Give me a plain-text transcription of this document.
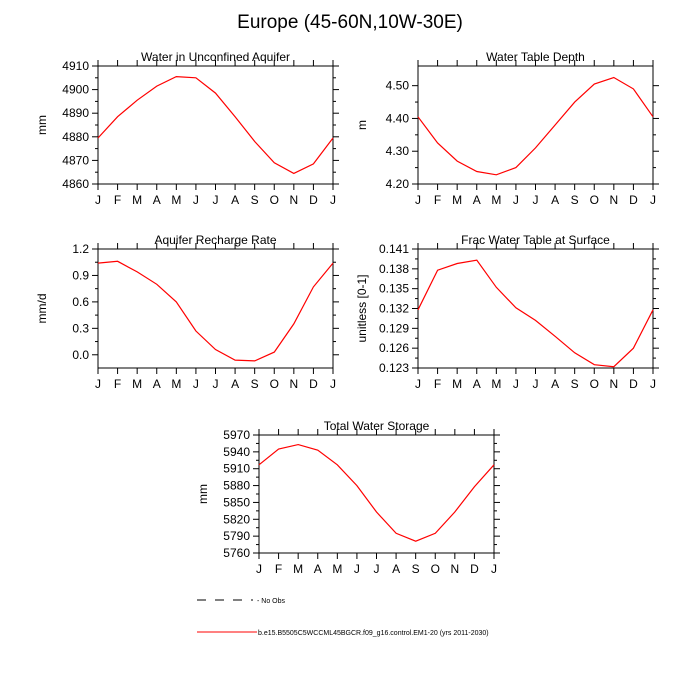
Europe (45-60N,10W-30E)
Water in Unconfined Aquifer
mm
4860
4870
4880
4890
4900
4910
J F M A M J J A S O N D J
Water Table Depth
m
4.20
4.30
4.40
4.50
J F M A M J J A S O N D J
Aquifer Recharge Rate
mm/d
0.0
0.3
0.6
0.9
1.2
J F M A M J J A S O N D J
Frac Water Table at Surface
unitless [0-1]
0.123
0.126
0.129
0.132
0.135
0.138
0.141
J F M A M J J A S O N D J
Total Water Storage
mm
5760
5790
5820
5850
5880
5910
5940
5970
J F M A M J J A S O N D J
- No Obs
b.e15.B5505C5WCCML45BGCR.f09_g16.control.EM1-20 (yrs 2011-2030)
